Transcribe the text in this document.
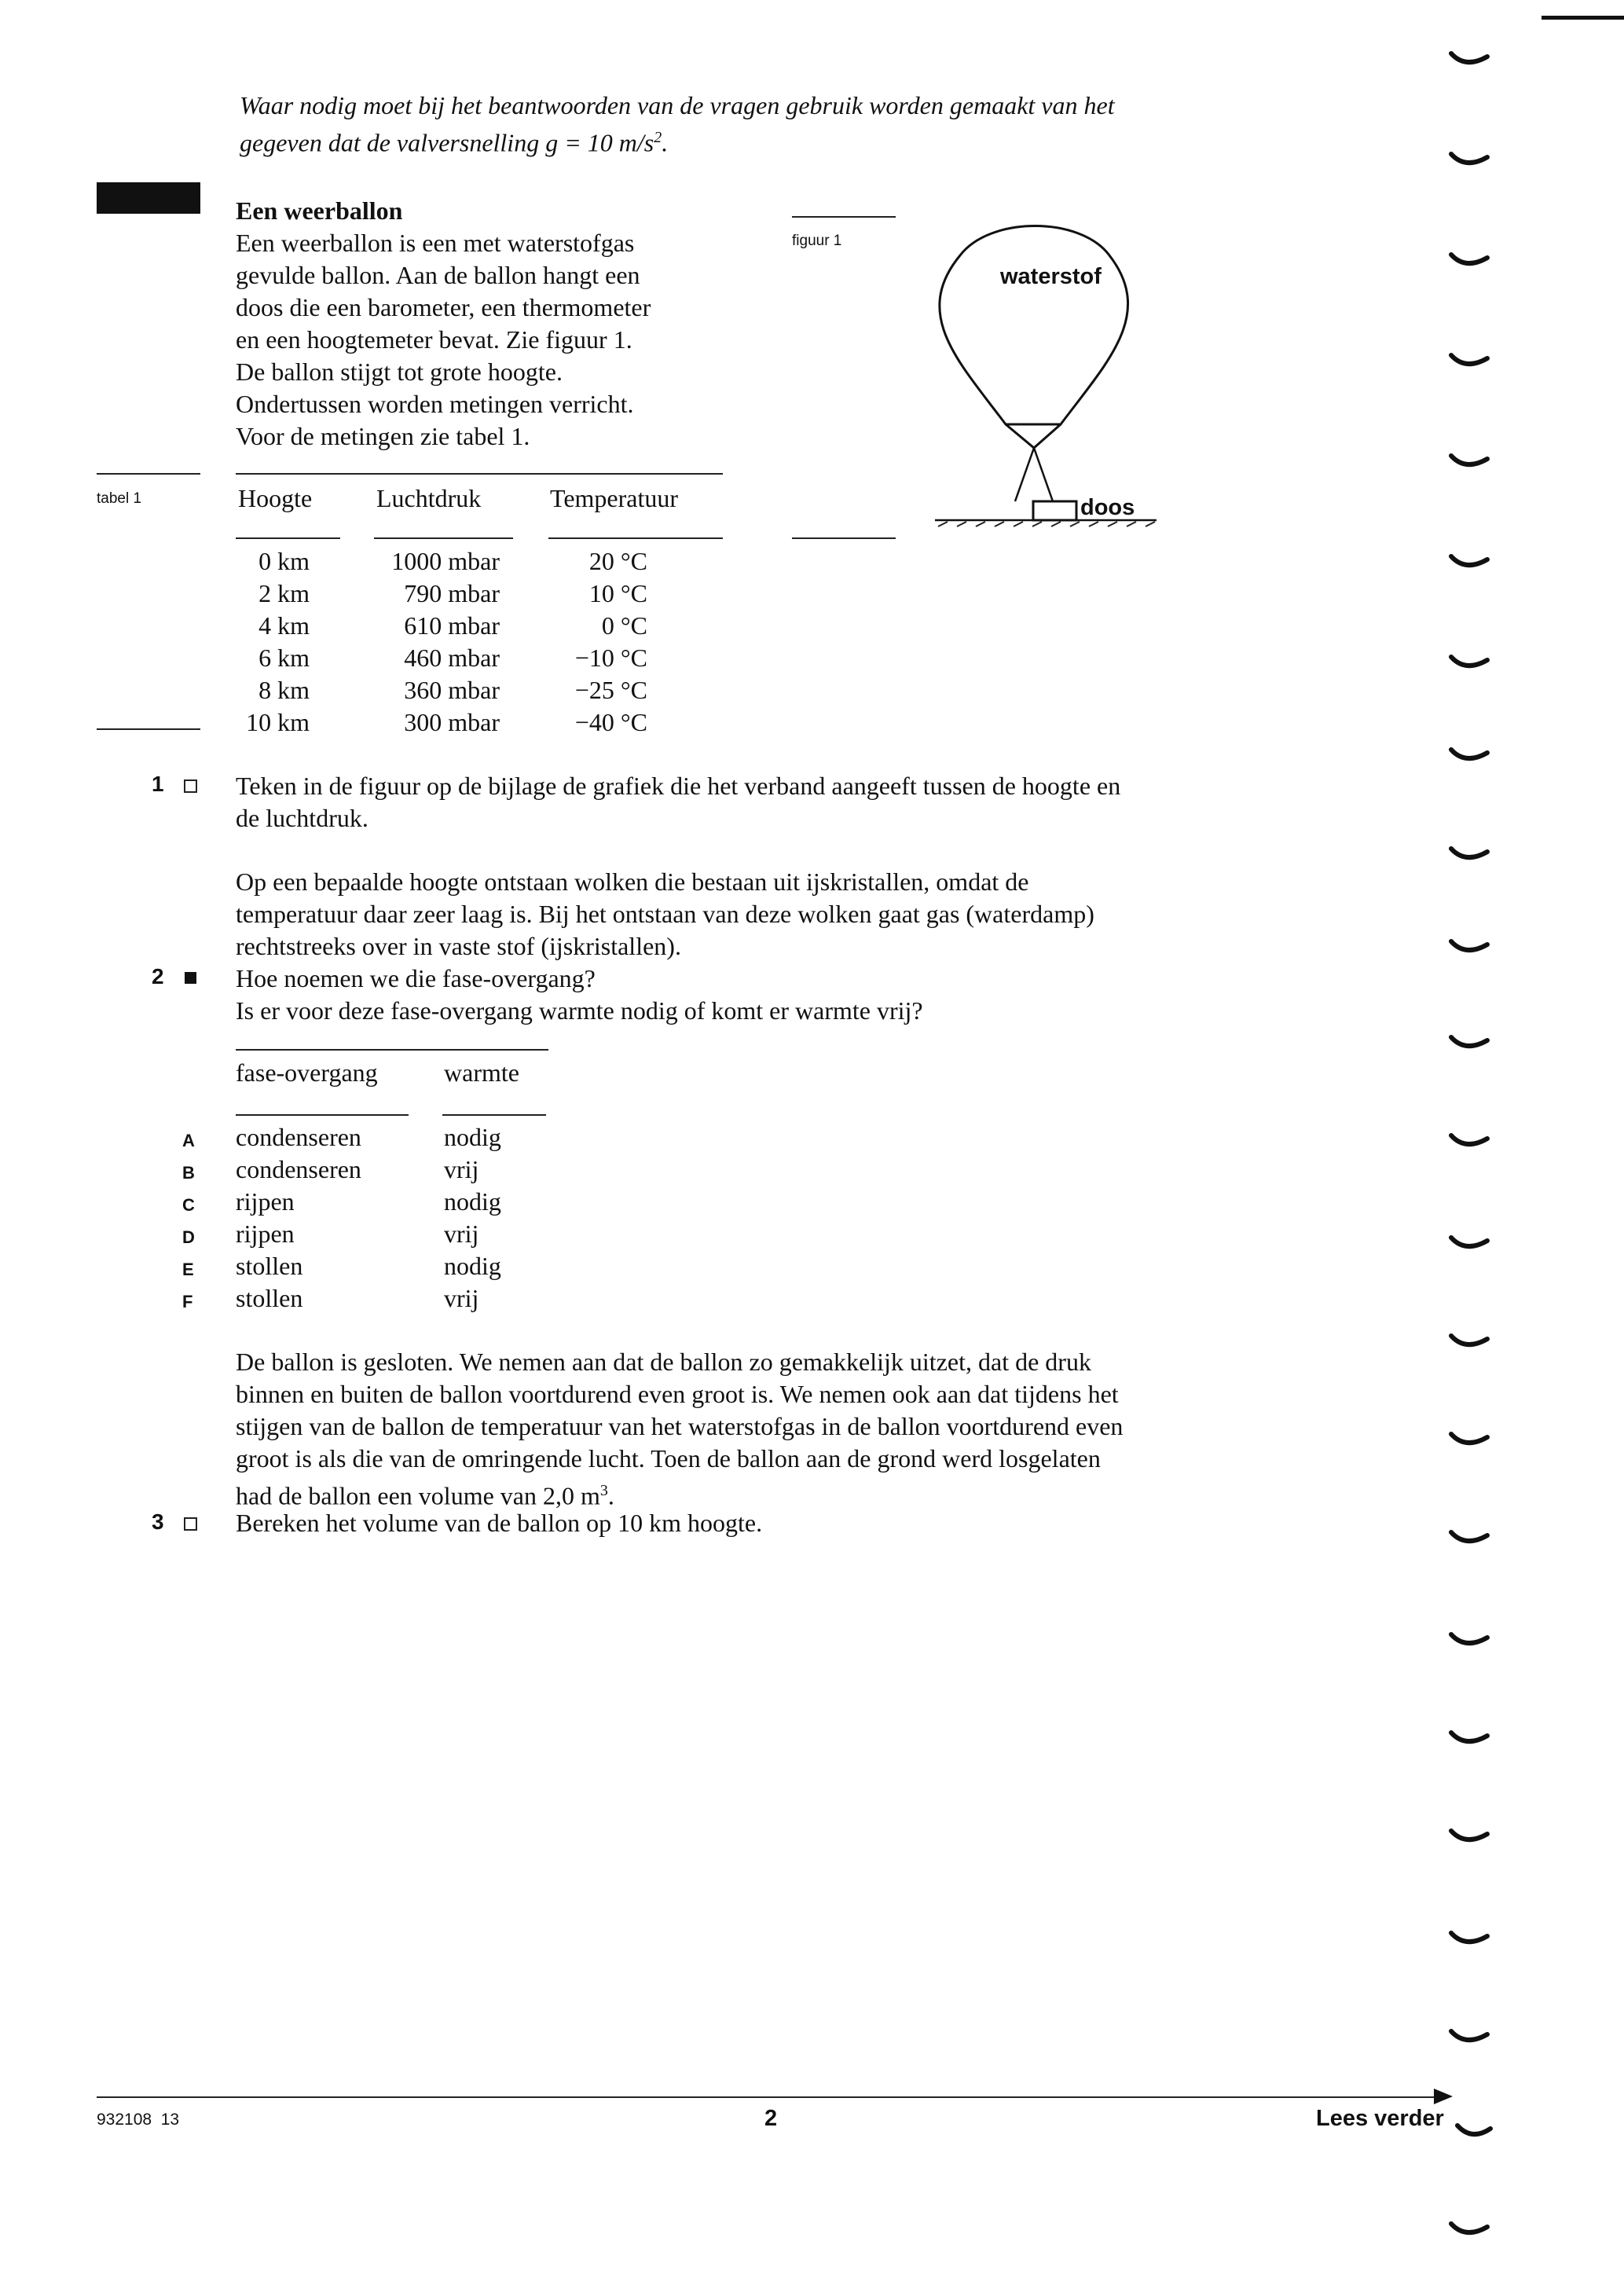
Waar nodig moet bij het beantwoorden van de vragen gebruik worden gemaakt van het
gegeven dat de valversnelling g = 10 $m/s^2$.
Een weerballon
Een weerballon is een met waterstofgas
gevulde ballon. Aan de ballon hangt een
doos die een barometer, een thermometer
en een hoogtemeter bevat. Zie figuur 1.
De ballon stijgt tot grote hoogte.
Ondertussen worden metingen verricht.
Voor de metingen zie tabel 1.
figuur 1
waterstof
doos
tabel 1	Hoogte	Luchtdruk	Temperatuur
0 km		1000 mbar		20 °C
2 km		790 mbar		10 °C
4 km		610 mbar		0 °C
6 km		460 mbar		−10 °C
8 km		360 mbar		−25 °C
10 km		300 mbar		−40 °C
1	Teken in de figuur op de bijlage de grafiek die het verband aangeeft tussen de hoogte en
de luchtdruk.
Op een bepaalde hoogte ontstaan wolken die bestaan uit ijskristallen, omdat de
temperatuur daar zeer laag is. Bij het ontstaan van deze wolken gaat gas (waterdamp)
rechtstreeks over in vaste stof (ijskristallen).
2	Hoe noemen we die fase-overgang?
Is er voor deze fase-overgang warmte nodig of komt er warmte vrij?
fase-overgang	warmte
A condenseren	nodig
B condenseren	vrij
C rijpen	nodig
D rijpen	vrij
E stollen	nodig
F stollen	vrij
De ballon is gesloten. We nemen aan dat de ballon zo gemakkelijk uitzet, dat de druk
binnen en buiten de ballon voortdurend even groot is. We nemen ook aan dat tijdens het
stijgen van de ballon de temperatuur van het waterstofgas in de ballon voortdurend even
groot is als die van de omringende lucht. Toen de ballon aan de grond werd losgelaten
had de ballon een volume van 2,0 $m^3$.
3	Bereken het volume van de ballon op 10 km hoogte.
932108  13	2	Lees verder
